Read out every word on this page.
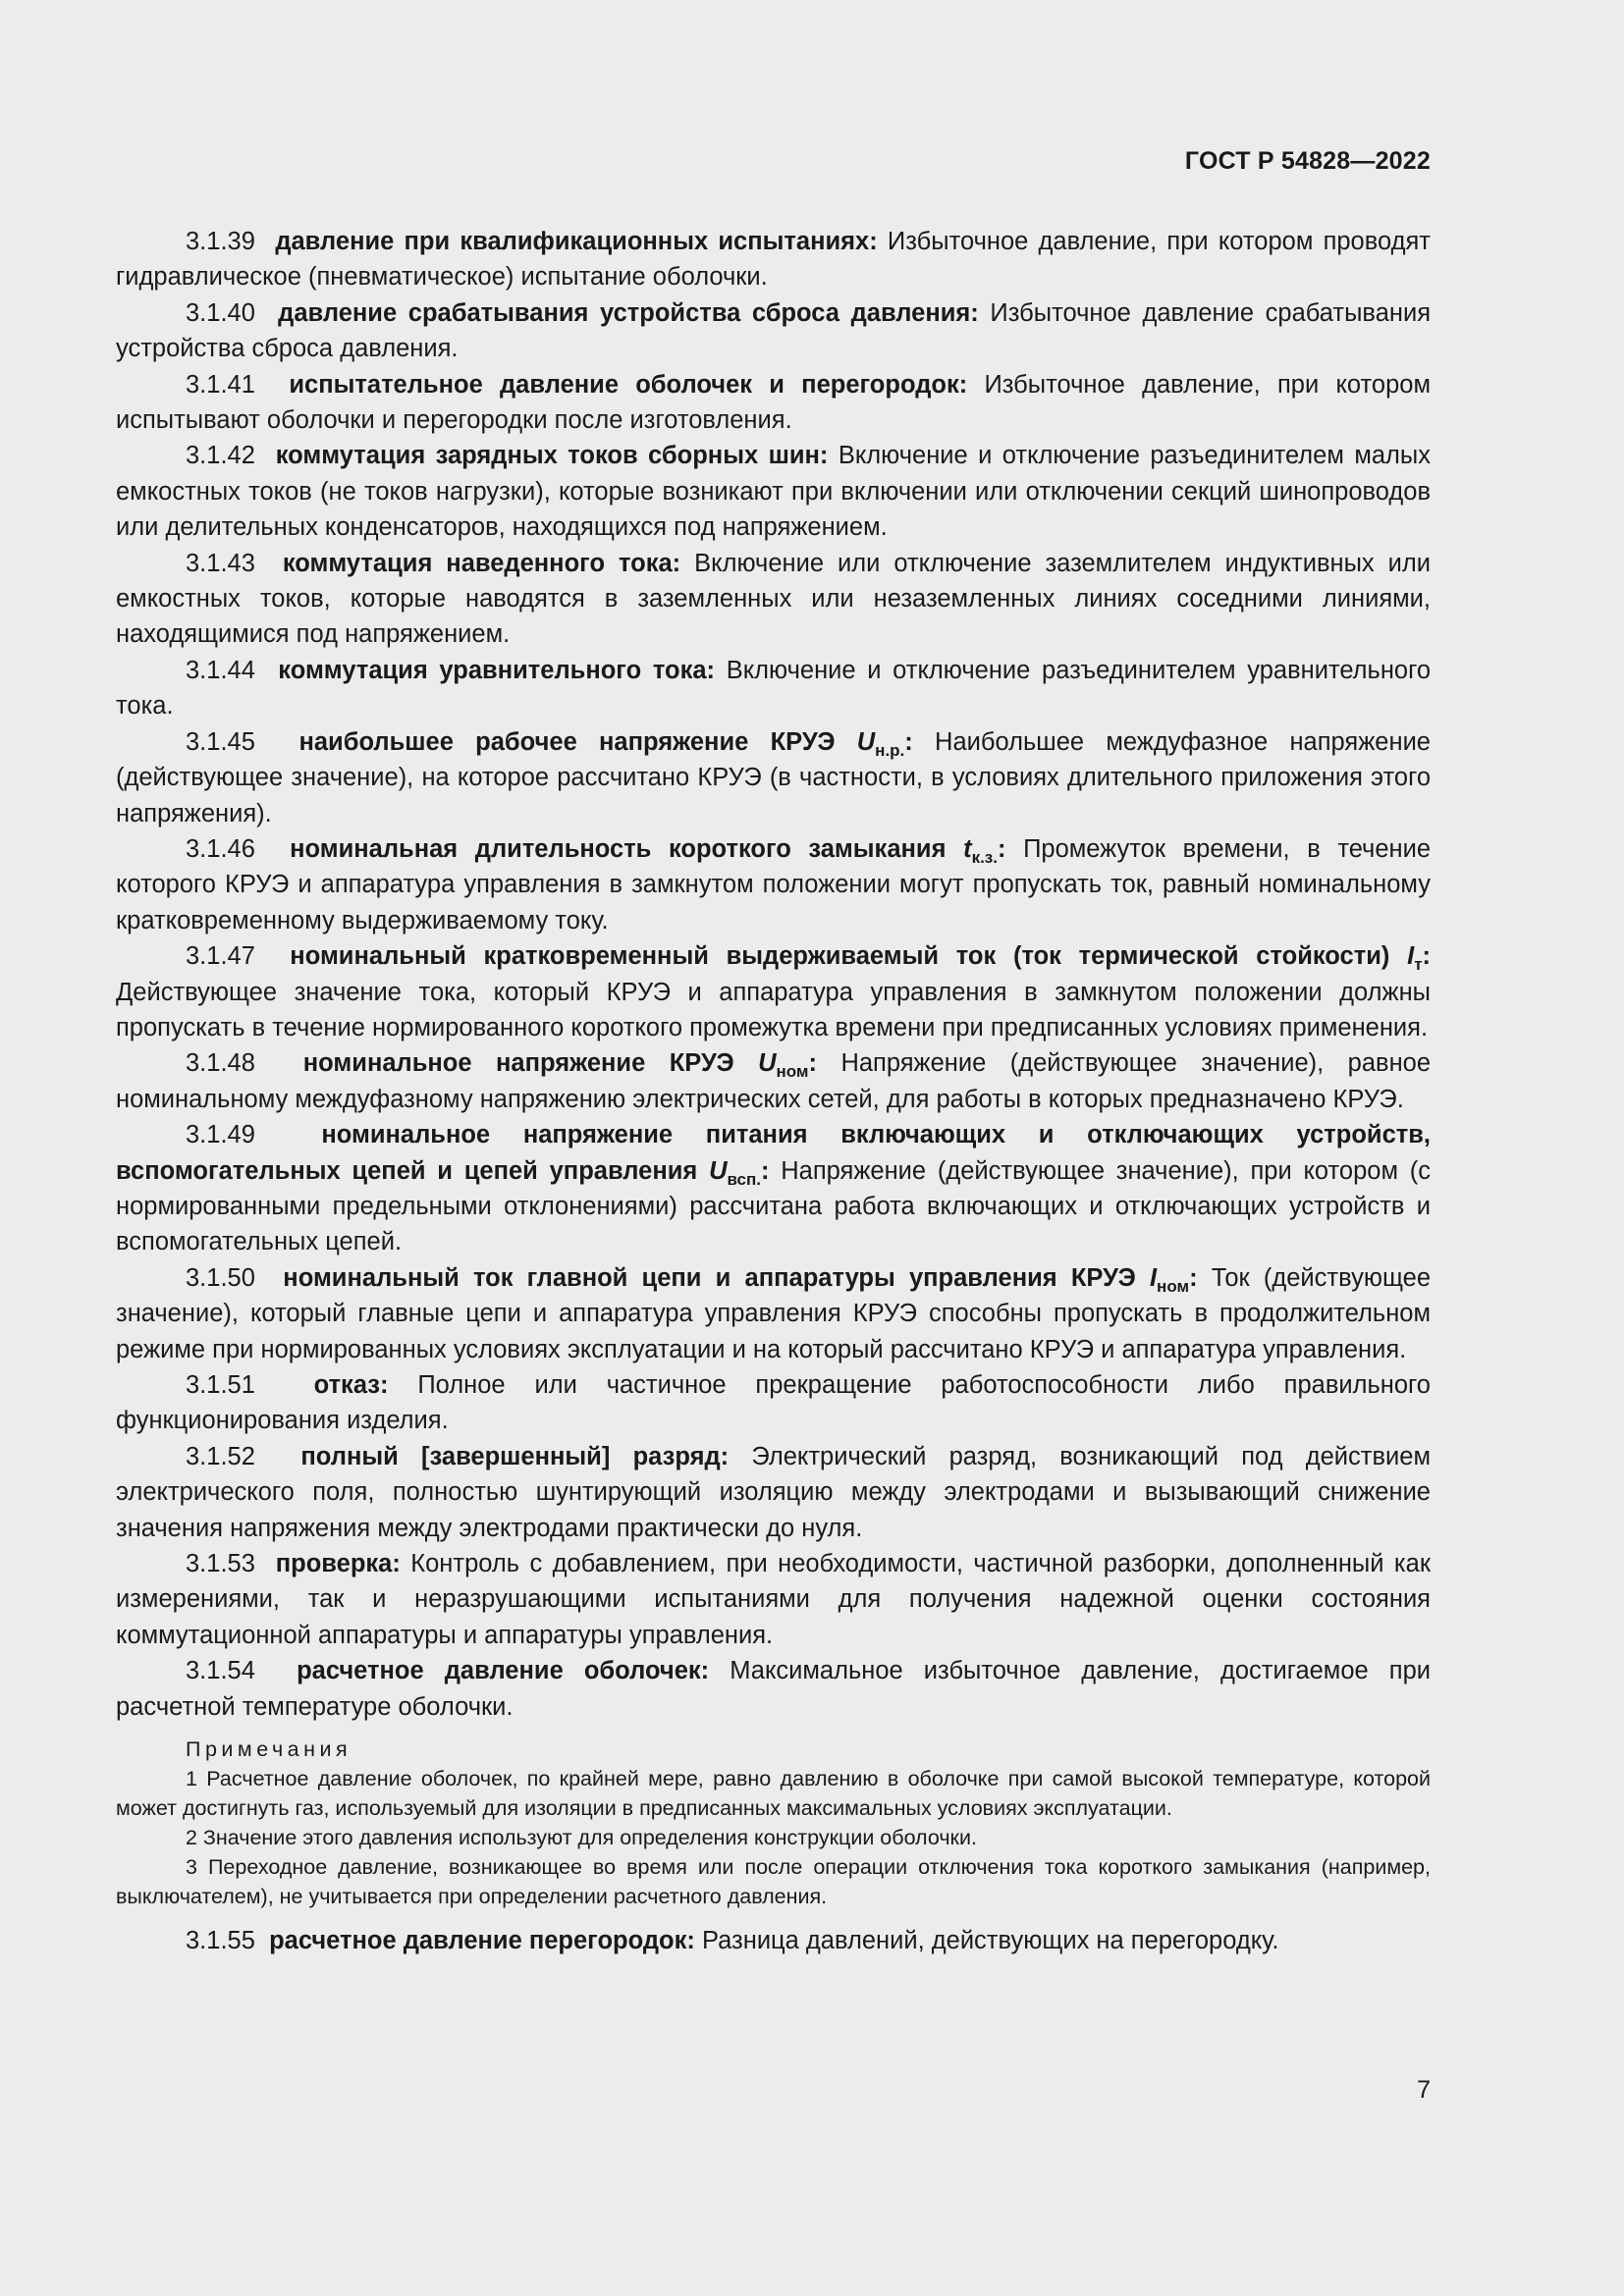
ГОСТ Р 54828—2022

3.1.39 давление при квалификационных испытаниях: Избыточное давление, при котором проводят гидравлическое (пневматическое) испытание оболочки.

3.1.40 давление срабатывания устройства сброса давления: Избыточное давление срабатывания устройства сброса давления.

3.1.41 испытательное давление оболочек и перегородок: Избыточное давление, при котором испытывают оболочки и перегородки после изготовления.

3.1.42 коммутация зарядных токов сборных шин: Включение и отключение разъединителем малых емкостных токов (не токов нагрузки), которые возникают при включении или отключении секций шинопроводов или делительных конденсаторов, находящихся под напряжением.

3.1.43 коммутация наведенного тока: Включение или отключение заземлителем индуктивных или емкостных токов, которые наводятся в заземленных или незаземленных линиях соседними линиями, находящимися под напряжением.

3.1.44 коммутация уравнительного тока: Включение и отключение разъединителем уравнительного тока.

3.1.45 наибольшее рабочее напряжение КРУЭ $U_{н.р.}$: Наибольшее междуфазное напряжение (действующее значение), на которое рассчитано КРУЭ (в частности, в условиях длительного приложения этого напряжения).

3.1.46 номинальная длительность короткого замыкания $t_{к.з.}$: Промежуток времени, в течение которого КРУЭ и аппаратура управления в замкнутом положении могут пропускать ток, равный номинальному кратковременному выдерживаемому току.

3.1.47 номинальный кратковременный выдерживаемый ток (ток термической стойкости) $I_т$: Действующее значение тока, который КРУЭ и аппаратура управления в замкнутом положении должны пропускать в течение нормированного короткого промежутка времени при предписанных условиях применения.

3.1.48 номинальное напряжение КРУЭ $U_{ном}$: Напряжение (действующее значение), равное номинальному междуфазному напряжению электрических сетей, для работы в которых предназначено КРУЭ.

3.1.49	номинальное напряжение питания включающих и отключающих устройств, вспомогательных цепей и цепей управления $U_{всп.}$: Напряжение (действующее значение), при котором (с нормированными предельными отклонениями) рассчитана работа включающих и отключающих устройств и вспомогательных цепей.

3.1.50 номинальный ток главной цепи и аппаратуры управления КРУЭ $I_{ном}$: Ток (действующее значение), который главные цепи и аппаратура управления КРУЭ способны пропускать в продолжительном режиме при нормированных условиях эксплуатации и на который рассчитано КРУЭ и аппаратура управления.

3.1.51 отказ: Полное или частичное прекращение работоспособности либо правильного функционирования изделия.

3.1.52 полный [завершенный] разряд: Электрический разряд, возникающий под действием электрического поля, полностью шунтирующий изоляцию между электродами и вызывающий снижение значения напряжения между электродами практически до нуля.

3.1.53 проверка: Контроль с добавлением, при необходимости, частичной разборки, дополненный как измерениями, так и неразрушающими испытаниями для получения надежной оценки состояния коммутационной аппаратуры и аппаратуры управления.

3.1.54 расчетное давление оболочек: Максимальное избыточное давление, достигаемое при расчетной температуре оболочки.

Примечания
1 Расчетное давление оболочек, по крайней мере, равно давлению в оболочке при самой высокой температуре, которой может достигнуть газ, используемый для изоляции в предписанных максимальных условиях эксплуатации.
2 Значение этого давления используют для определения конструкции оболочки.
3 Переходное давление, возникающее во время или после операции отключения тока короткого замыкания (например, выключателем), не учитывается при определении расчетного давления.

3.1.55 расчетное давление перегородок: Разница давлений, действующих на перегородку.

7
